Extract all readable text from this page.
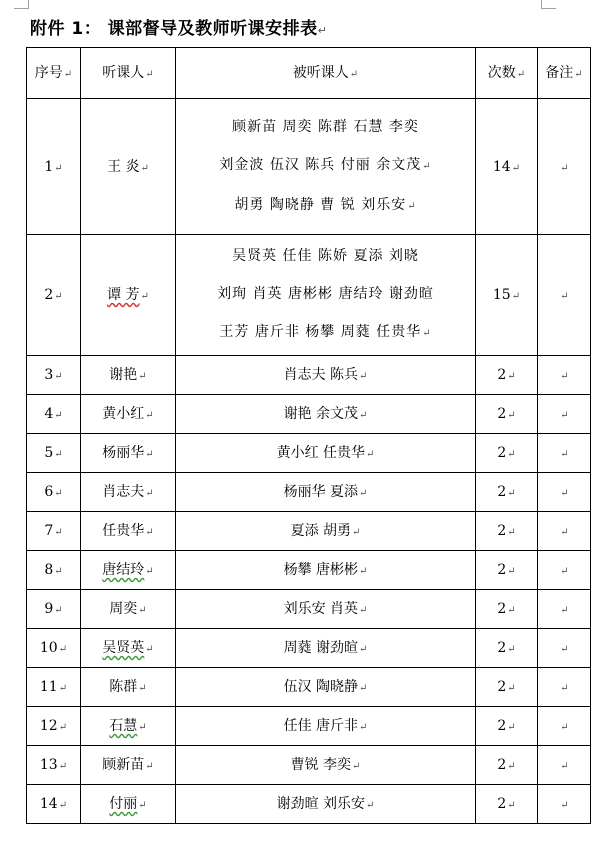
附件 1： 课部督导及教师听课安排表↵
序号↵	听课人↵	被听课人↵	次数↵	备注↵
1↵	王 炎↵	顾新苗 周奕 陈群 石慧 李奕
刘金波 伍汉 陈兵 付丽 余文茂↵
胡勇 陶晓静 曹 锐 刘乐安↵	14↵	↵
2↵	谭 芳↵	吴贤英 任佳 陈娇 夏添 刘晓
刘珣 肖英 唐彬彬 唐结玲 谢劲暄
王芳 唐斤非 杨攀 周蕤 任贵华↵	15↵	↵
3↵	谢艳↵	肖志夫 陈兵↵	2↵	↵
4↵	黄小红↵	谢艳 余文茂↵	2↵	↵
5↵	杨丽华↵	黄小红 任贵华↵	2↵	↵
6↵	肖志夫↵	杨丽华 夏添↵	2↵	↵
7↵	任贵华↵	夏添 胡勇↵	2↵	↵
8↵	唐结玲↵	杨攀 唐彬彬↵	2↵	↵
9↵	周奕↵	刘乐安 肖英↵	2↵	↵
10↵	吴贤英↵	周蕤 谢劲暄↵	2↵	↵
11↵	陈群↵	伍汉 陶晓静↵	2↵	↵
12↵	石慧↵	任佳 唐斤非↵	2↵	↵
13↵	顾新苗↵	曹锐 李奕↵	2↵	↵
14↵	付丽↵	谢劲暄 刘乐安↵	2↵	↵
